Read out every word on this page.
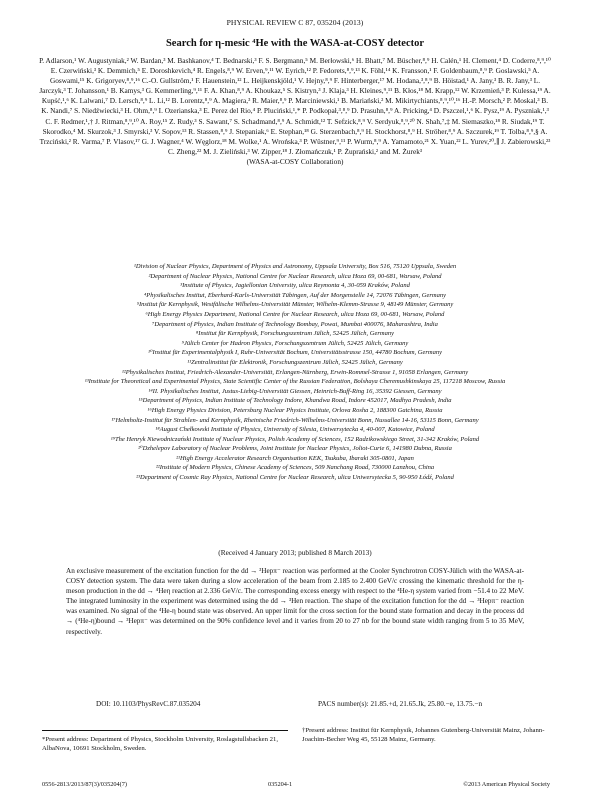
PHYSICAL REVIEW C 87, 035204 (2013)
Search for η-mesic ⁴He with the WASA-at-COSY detector
P. Adlarson,¹ W. Augustyniak,² W. Bardan,³ M. Bashkanov,⁴ T. Bednarski,³ F. S. Bergmann,⁵ M. Berłowski,⁶ H. Bhatt,⁷ M. Büscher,⁸,⁹ H. Calén,¹ H. Clement,⁴ D. Coderre,⁸,⁹,¹⁰ E. Czerwiński,³ K. Demmich,⁵ E. Doroshkevich,⁴ R. Engels,⁸,⁹ W. Erven,⁹,¹¹ W. Eyrich,¹² P. Fedorets,⁸,⁹,¹³ K. Föhl,¹⁴ K. Fransson,¹ F. Goldenbaum,⁸,⁹ P. Goslawski,⁵ A. Goswami,¹⁵ K. Grigoryev,⁸,⁹,¹⁶ C.-O. Gullström,¹ F. Hauenstein,¹² L. Heijkenskjöld,¹ V. Hejny,⁸,⁹ F. Hinterberger,¹⁷ M. Hodana,³,⁸,⁹ B. Höistad,¹ A. Jany,³ B. R. Jany,³ L. Jarczyk,³ T. Johansson,¹ B. Kamys,³ G. Kemmerling,⁹,¹¹ F. A. Khan,⁸,⁹ A. Khoukaz,⁵ S. Kistryn,³ J. Klaja,³ H. Kleines,⁹,¹¹ B. Kłos,¹⁸ M. Krapp,¹² W. Krzemień,³ P. Kulessa,¹⁹ A. Kupść,¹,⁶ K. Lalwani,⁷ D. Lersch,⁸,⁹ L. Li,¹² B. Lorentz,⁸,⁹ A. Magiera,³ R. Maier,⁸,⁹ P. Marciniewski,¹ B. Mariański,² M. Mikirtychiants,⁸,⁹,¹⁰,¹⁶ H.-P. Morsch,² P. Moskal,³ B. K. Nandi,⁷ S. Niedźwiecki,³ H. Ohm,⁸,⁹ I. Ozerianska,³ E. Perez del Rio,⁴ P. Pluciński,¹,* P. Podkopał,³,⁸,⁹ D. Prasuhn,⁸,⁹ A. Pricking,⁴ D. Pszczel,¹,⁶ K. Pysz,¹⁹ A. Pyszniak,¹,³ C. F. Redmer,¹,† J. Ritman,⁸,⁹,¹⁰ A. Roy,¹⁵ Z. Rudy,³ S. Sawant,⁷ S. Schadmand,⁸,⁹ A. Schmidt,¹² T. Sefzick,⁸,⁹ V. Serdyuk,⁸,⁹,²⁰ N. Shah,⁷,‡ M. Siemaszko,¹⁸ R. Siudak,¹⁹ T. Skorodko,⁴ M. Skurzok,³ J. Smyrski,³ V. Sopov,¹³ R. Stassen,⁸,⁹ J. Stepaniak,⁶ E. Stephan,¹⁸ G. Sterzenbach,⁸,⁹ H. Stockhorst,⁸,⁹ H. Ströher,⁸,⁹ A. Szczurek,¹⁹ T. Tolba,⁸,⁹,§ A. Trzciński,² R. Varma,⁷ P. Vlasov,¹⁷ G. J. Wagner,⁴ W. Węglorz,¹⁸ M. Wolke,¹ A. Wrońska,³ P. Wüstner,⁹,¹¹ P. Wurm,⁸,⁹ A. Yamamoto,²¹ X. Yuan,²² L. Yurev,²⁰,∥ J. Zabierowski,²³ C. Zheng,²² M. J. Zieliński,³ W. Zipper,¹⁸ J. Złomańczuk,¹ P. Żuprański,² and M. Żurek³
(WASA-at-COSY Collaboration)
¹Division of Nuclear Physics, Department of Physics and Astronomy, Uppsala University, Box 516, 75120 Uppsala, Sweden
²Department of Nuclear Physics, National Centre for Nuclear Research, ulica Hoza 69, 00-681, Warsaw, Poland
³Institute of Physics, Jagiellonian University, ulica Reymonta 4, 30-059 Kraków, Poland
⁴Physikalisches Institut, Eberhard-Karls-Universität Tübingen, Auf der Morgenstelle 14, 72076 Tübingen, Germany
⁵Institut für Kernphysik, Westfälische Wilhelms-Universität Münster, Wilhelm-Klemm-Strasse 9, 48149 Münster, Germany
⁶High Energy Physics Department, National Centre for Nuclear Research, ulica Hoza 69, 00-681, Warsaw, Poland
⁷Department of Physics, Indian Institute of Technology Bombay, Powai, Mumbai 400076, Maharashtra, India
⁸Institut für Kernphysik, Forschungszentrum Jülich, 52425 Jülich, Germany
⁹Jülich Center for Hadron Physics, Forschungszentrum Jülich, 52425 Jülich, Germany
¹⁰Institut für Experimentalphysik I, Ruhr-Universität Bochum, Universitätsstrasse 150, 44780 Bochum, Germany
¹¹Zentralinstitut für Elektronik, Forschungszentrum Jülich, 52425 Jülich, Germany
¹²Physikalisches Institut, Friedrich-Alexander-Universität, Erlangen-Nürnberg, Erwin-Rommel-Strasse 1, 91058 Erlangen, Germany
¹³Institute for Theoretical and Experimental Physics, State Scientific Center of the Russian Federation, Bolshaya Cheremushkinskaya 25, 117218 Moscow, Russia
¹⁴II. Physikalisches Institut, Justus-Liebig-Universität Giessen, Heinrich-Buff-Ring 16, 35392 Giessen, Germany
¹⁵Department of Physics, Indian Institute of Technology Indore, Khandwa Road, Indore 452017, Madhya Pradesh, India
¹⁶High Energy Physics Division, Petersburg Nuclear Physics Institute, Orlova Rosha 2, 188300 Gatchina, Russia
¹⁷Helmholtz-Institut für Strahlen- und Kernphysik, Rheinische Friedrich-Wilhelms-Universität Bonn, Nussallee 14-16, 53115 Bonn, Germany
¹⁸August Chełkowski Institute of Physics, University of Silesia, Uniwersytecka 4, 40-007, Katowice, Poland
¹⁹The Henryk Niewodniczański Institute of Nuclear Physics, Polish Academy of Sciences, 152 Radzikowskiego Street, 31-342 Kraków, Poland
²⁰Dzhelepov Laboratory of Nuclear Problems, Joint Institute for Nuclear Physics, Joliot-Curie 6, 141980 Dubna, Russia
²¹High Energy Accelerator Research Organisation KEK, Tsukuba, Ibaraki 305-0801, Japan
²²Institute of Modern Physics, Chinese Academy of Sciences, 509 Nanchang Road, 730000 Lanzhou, China
²³Department of Cosmic Ray Physics, National Centre for Nuclear Research, ulica Uniwersytecka 5, 90-950 Łódź, Poland
(Received 4 January 2013; published 8 March 2013)
An exclusive measurement of the excitation function for the dd → ³Hepπ⁻ reaction was performed at the Cooler Synchrotron COSY-Jülich with the WASA-at-COSY detection system. The data were taken during a slow acceleration of the beam from 2.185 to 2.400 GeV/c crossing the kinematic threshold for the η-meson production in the dd → ⁴Heη reaction at 2.336 GeV/c. The corresponding excess energy with respect to the ⁴He-η system varied from −51.4 to 22 MeV. The integrated luminosity in the experiment was determined using the dd → ³Hen reaction. The shape of the excitation function for the dd → ³Hepπ⁻ reaction was examined. No signal of the ⁴He-η bound state was observed. An upper limit for the cross section for the bound state formation and decay in the process dd → (⁴He-η)bound → ³Hepπ⁻ was determined on the 90% confidence level and it varies from 20 to 27 nb for the bound state width ranging from 5 to 35 MeV, respectively.
DOI: 10.1103/PhysRevC.87.035204	PACS number(s): 21.85.+d, 21.65.Jk, 25.80.−e, 13.75.−n
*Present address: Department of Physics, Stockholm University, Roslagstullsbacken 21, AlbaNova, 10691 Stockholm, Sweden.
†Present address: Institut für Kernphysik, Johannes Gutenberg-Universität Mainz, Johann-Joachim-Becher Weg 45, 55128 Mainz, Germany.
0556-2813/2013/87(3)/035204(7)	035204-1	©2013 American Physical Society
